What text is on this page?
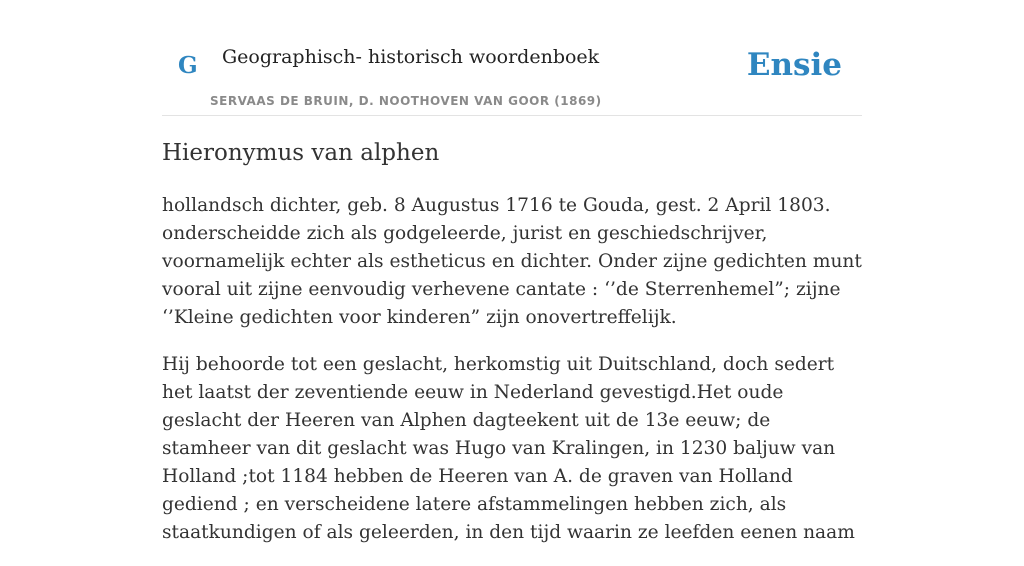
G Geographisch- historisch woordenboek
SERVAAS DE BRUIN, D. NOOTHOVEN VAN GOOR (1869)
Ensie
Hieronymus van alphen

hollandsch dichter, geb. 8 Augustus 1716 te Gouda, gest. 2 April 1803. onderscheidde zich als godgeleerde, jurist en geschiedschrijver, voornamelijk echter als estheticus en dichter. Onder zijne gedichten munt vooral uit zijne eenvoudig verhevene cantate : ‘’de Sterrenhemel”; zijne ‘’Kleine gedichten voor kinderen” zijn onovertreffelijk.

Hij behoorde tot een geslacht, herkomstig uit Duitschland, doch sedert het laatst der zeventiende eeuw in Nederland gevestigd.Het oude geslacht der Heeren van Alphen dagteekent uit de 13e eeuw; de stamheer van dit geslacht was Hugo van Kralingen, in 1230 baljuw van Holland ;tot 1184 hebben de Heeren van A. de graven van Holland gediend ; en verscheidene latere afstammelingen hebben zich, als staatkundigen of als geleerden, in den tijd waarin ze leefden eenen naam
